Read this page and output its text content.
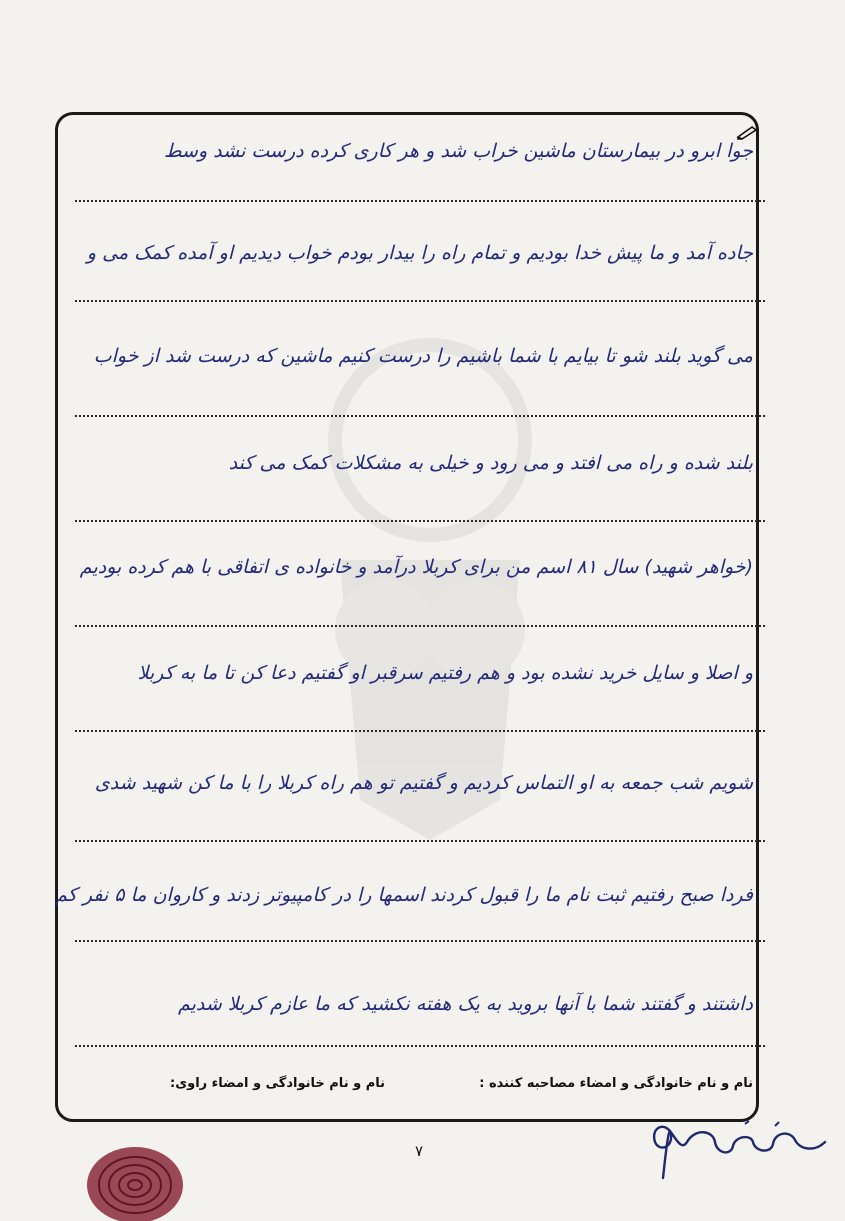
جوا ابرو در بیمارستان ماشین خراب شد و هر کاری کرده درست نشد وسط
جاده آمد و ما پیش خدا بودیم و تمام راه را بیدار بودم خواب دیدیم او آمده کمک می و
می گوید بلند شو تا بیایم با شما باشیم را درست کنیم ماشین که درست شد از خواب
بلند شده و راه می افتد و می رود و خیلی به مشکلات کمک می کند
(خواهر شهید) سال ۸۱ اسم من برای کربلا درآمد و خانواده ی اتفاقی با هم کرده بودیم
و اصلا و سایل خرید نشده بود و هم رفتیم سرقبر او گفتیم دعا کن تا ما به کربلا
شویم شب جمعه به او التماس کردیم و گفتیم تو هم راه کربلا را با ما کن شهید شدی
فردا صبح رفتیم ثبت نام ما را قبول کردند اسمها را در کامپیوتر زدند و کاروان ما ۵ نفر کم
داشتند و گفتند شما با آنها بروید به یک هفته نکشید که ما عازم کربلا شدیم
نام و نام خانوادگی و امضاء مصاحبه کننده :
نام و نام خانوادگی و امضاء راوی:
۷
